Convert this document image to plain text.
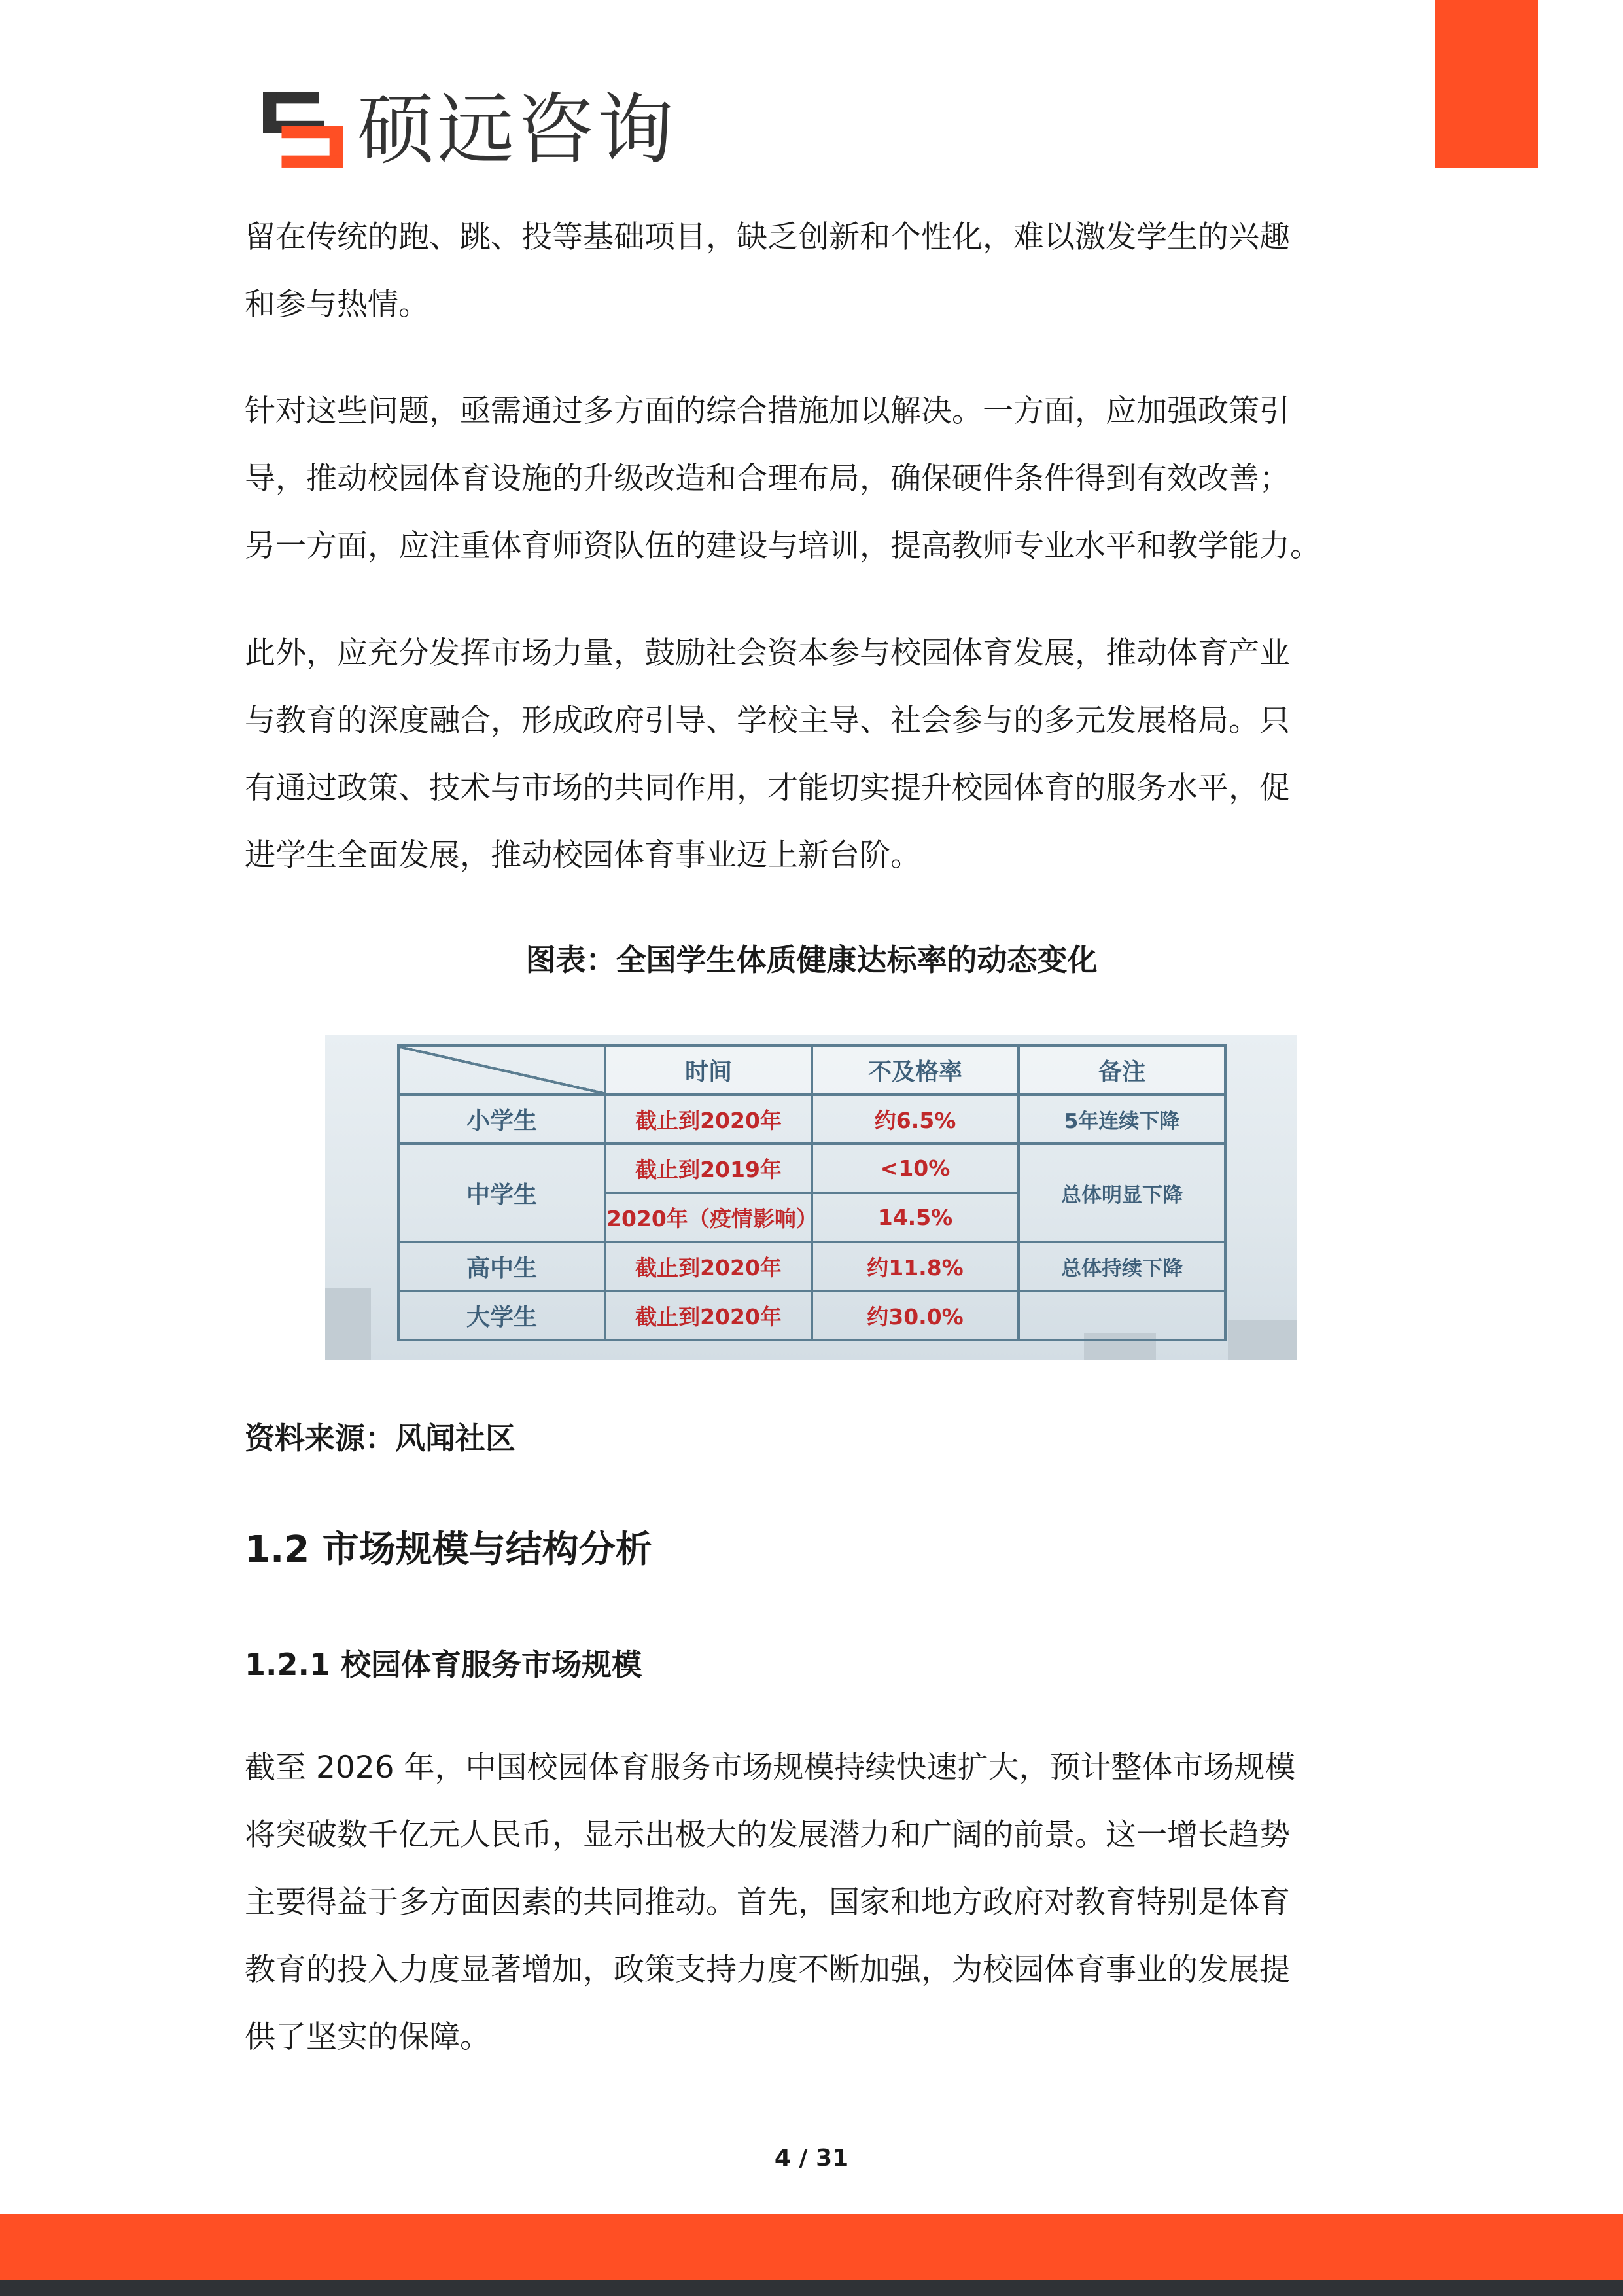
硕远咨询

留在传统的跑、跳、投等基础项目，缺乏创新和个性化，难以激发学生的兴趣
和参与热情。

针对这些问题，亟需通过多方面的综合措施加以解决。一方面，应加强政策引
导，推动校园体育设施的升级改造和合理布局，确保硬件条件得到有效改善；
另一方面，应注重体育师资队伍的建设与培训，提高教师专业水平和教学能力。

此外，应充分发挥市场力量，鼓励社会资本参与校园体育发展，推动体育产业
与教育的深度融合，形成政府引导、学校主导、社会参与的多元发展格局。只
有通过政策、技术与市场的共同作用，才能切实提升校园体育的服务水平，促
进学生全面发展，推动校园体育事业迈上新台阶。

图表：全国学生体质健康达标率的动态变化
	时间	不及格率	备注
小学生	截止到2020年	约6.5%	5年连续下降
中学生	截止到2019年	<10%	总体明显下降
	2020年（疫情影响）	14.5%	
高中生	截止到2020年	约11.8%	总体持续下降
大学生	截止到2020年	约30.0%	
资料来源：风闻社区
1.2 市场规模与结构分析
1.2.1 校园体育服务市场规模

截至 2026 年，中国校园体育服务市场规模持续快速扩大，预计整体市场规模
将突破数千亿元人民币，显示出极大的发展潜力和广阔的前景。这一增长趋势
主要得益于多方面因素的共同推动。首先，国家和地方政府对教育特别是体育
教育的投入力度显著增加，政策支持力度不断加强，为校园体育事业的发展提
供了坚实的保障。

4 / 31
